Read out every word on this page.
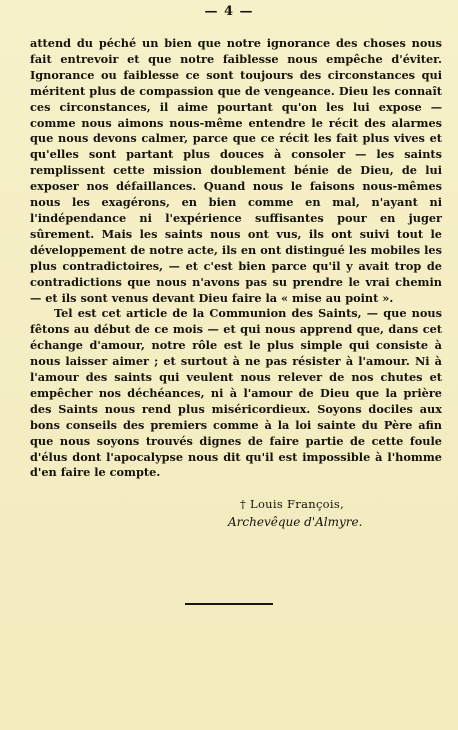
— 4 —

attend du péché un bien que notre ignorance des choses nous fait entrevoir et que notre faiblesse nous empêche d'éviter. Ignorance ou faiblesse ce sont toujours des circonstances qui méritent plus de compassion que de vengeance. Dieu les connaît ces circonstances, il aime pourtant qu'on les lui expose — comme nous aimons nous-même entendre le récit des alarmes que nous devons calmer, parce que ce récit les fait plus vives et qu'elles sont partant plus douces à consoler — les saints remplissent cette mission doublement bénie de Dieu, de lui exposer nos défaillances. Quand nous le faisons nous-mêmes nous les exagérons, en bien comme en mal, n'ayant ni l'indépendance ni l'expérience suffisantes pour en juger sûrement. Mais les saints nous ont vus, ils ont suivi tout le développement de notre acte, ils en ont distingué les mobiles les plus contradictoires, — et c'est bien parce qu'il y avait trop de contradictions que nous n'avons pas su prendre le vrai chemin — et ils sont venus devant Dieu faire la « mise au point ».

Tel est cet article de la Communion des Saints, — que nous fêtons au début de ce mois — et qui nous apprend que, dans cet échange d'amour, notre rôle est le plus simple qui consiste à nous laisser aimer ; et surtout à ne pas résister à l'amour. Ni à l'amour des saints qui veulent nous relever de nos chutes et empêcher nos déchéances, ni à l'amour de Dieu que la prière des Saints nous rend plus miséricordieux. Soyons dociles aux bons conseils des premiers comme à la loi sainte du Père afin que nous soyons trouvés dignes de faire partie de cette foule d'élus dont l'apocalypse nous dit qu'il est impossible à l'homme d'en faire le compte.

† Louis François,
Archevêque d'Almyre.
